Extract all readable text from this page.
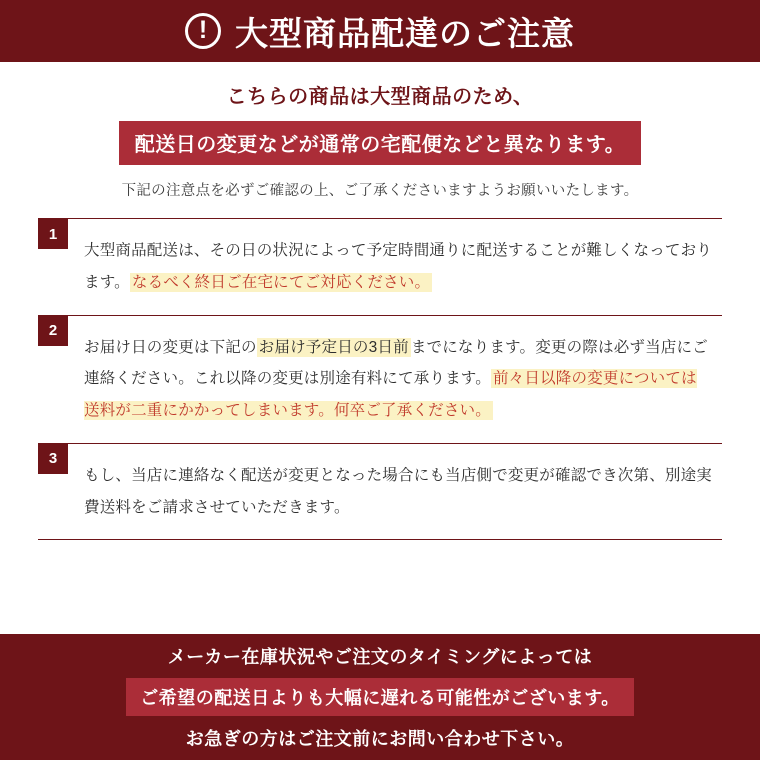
! 大型商品配達のご注意
こちらの商品は大型商品のため、
配送日の変更などが通常の宅配便などと異なります。
下記の注意点を必ずご確認の上、ご了承くださいますようお願いいたします。
1
大型商品配送は、その日の状況によって予定時間通りに配送することが難しくなっております。 なるべく終日ご在宅にてご対応ください。
2
お届け日の変更は下記の お届け予定日の3日前 までになります。変更の際は必ず当店にご連絡ください。これ以降の変更は別途有料にて承ります。 前々日以降の変更については送料が二重にかかってしまいます。何卒ご了承ください。
3
もし、当店に連絡なく配送が変更となった場合にも当店側で変更が確認でき次第、別途実費送料をご請求させていただきます。
メーカー在庫状況やご注文のタイミングによっては
ご希望の配送日よりも大幅に遅れる可能性がございます。
お急ぎの方はご注文前にお問い合わせ下さい。
